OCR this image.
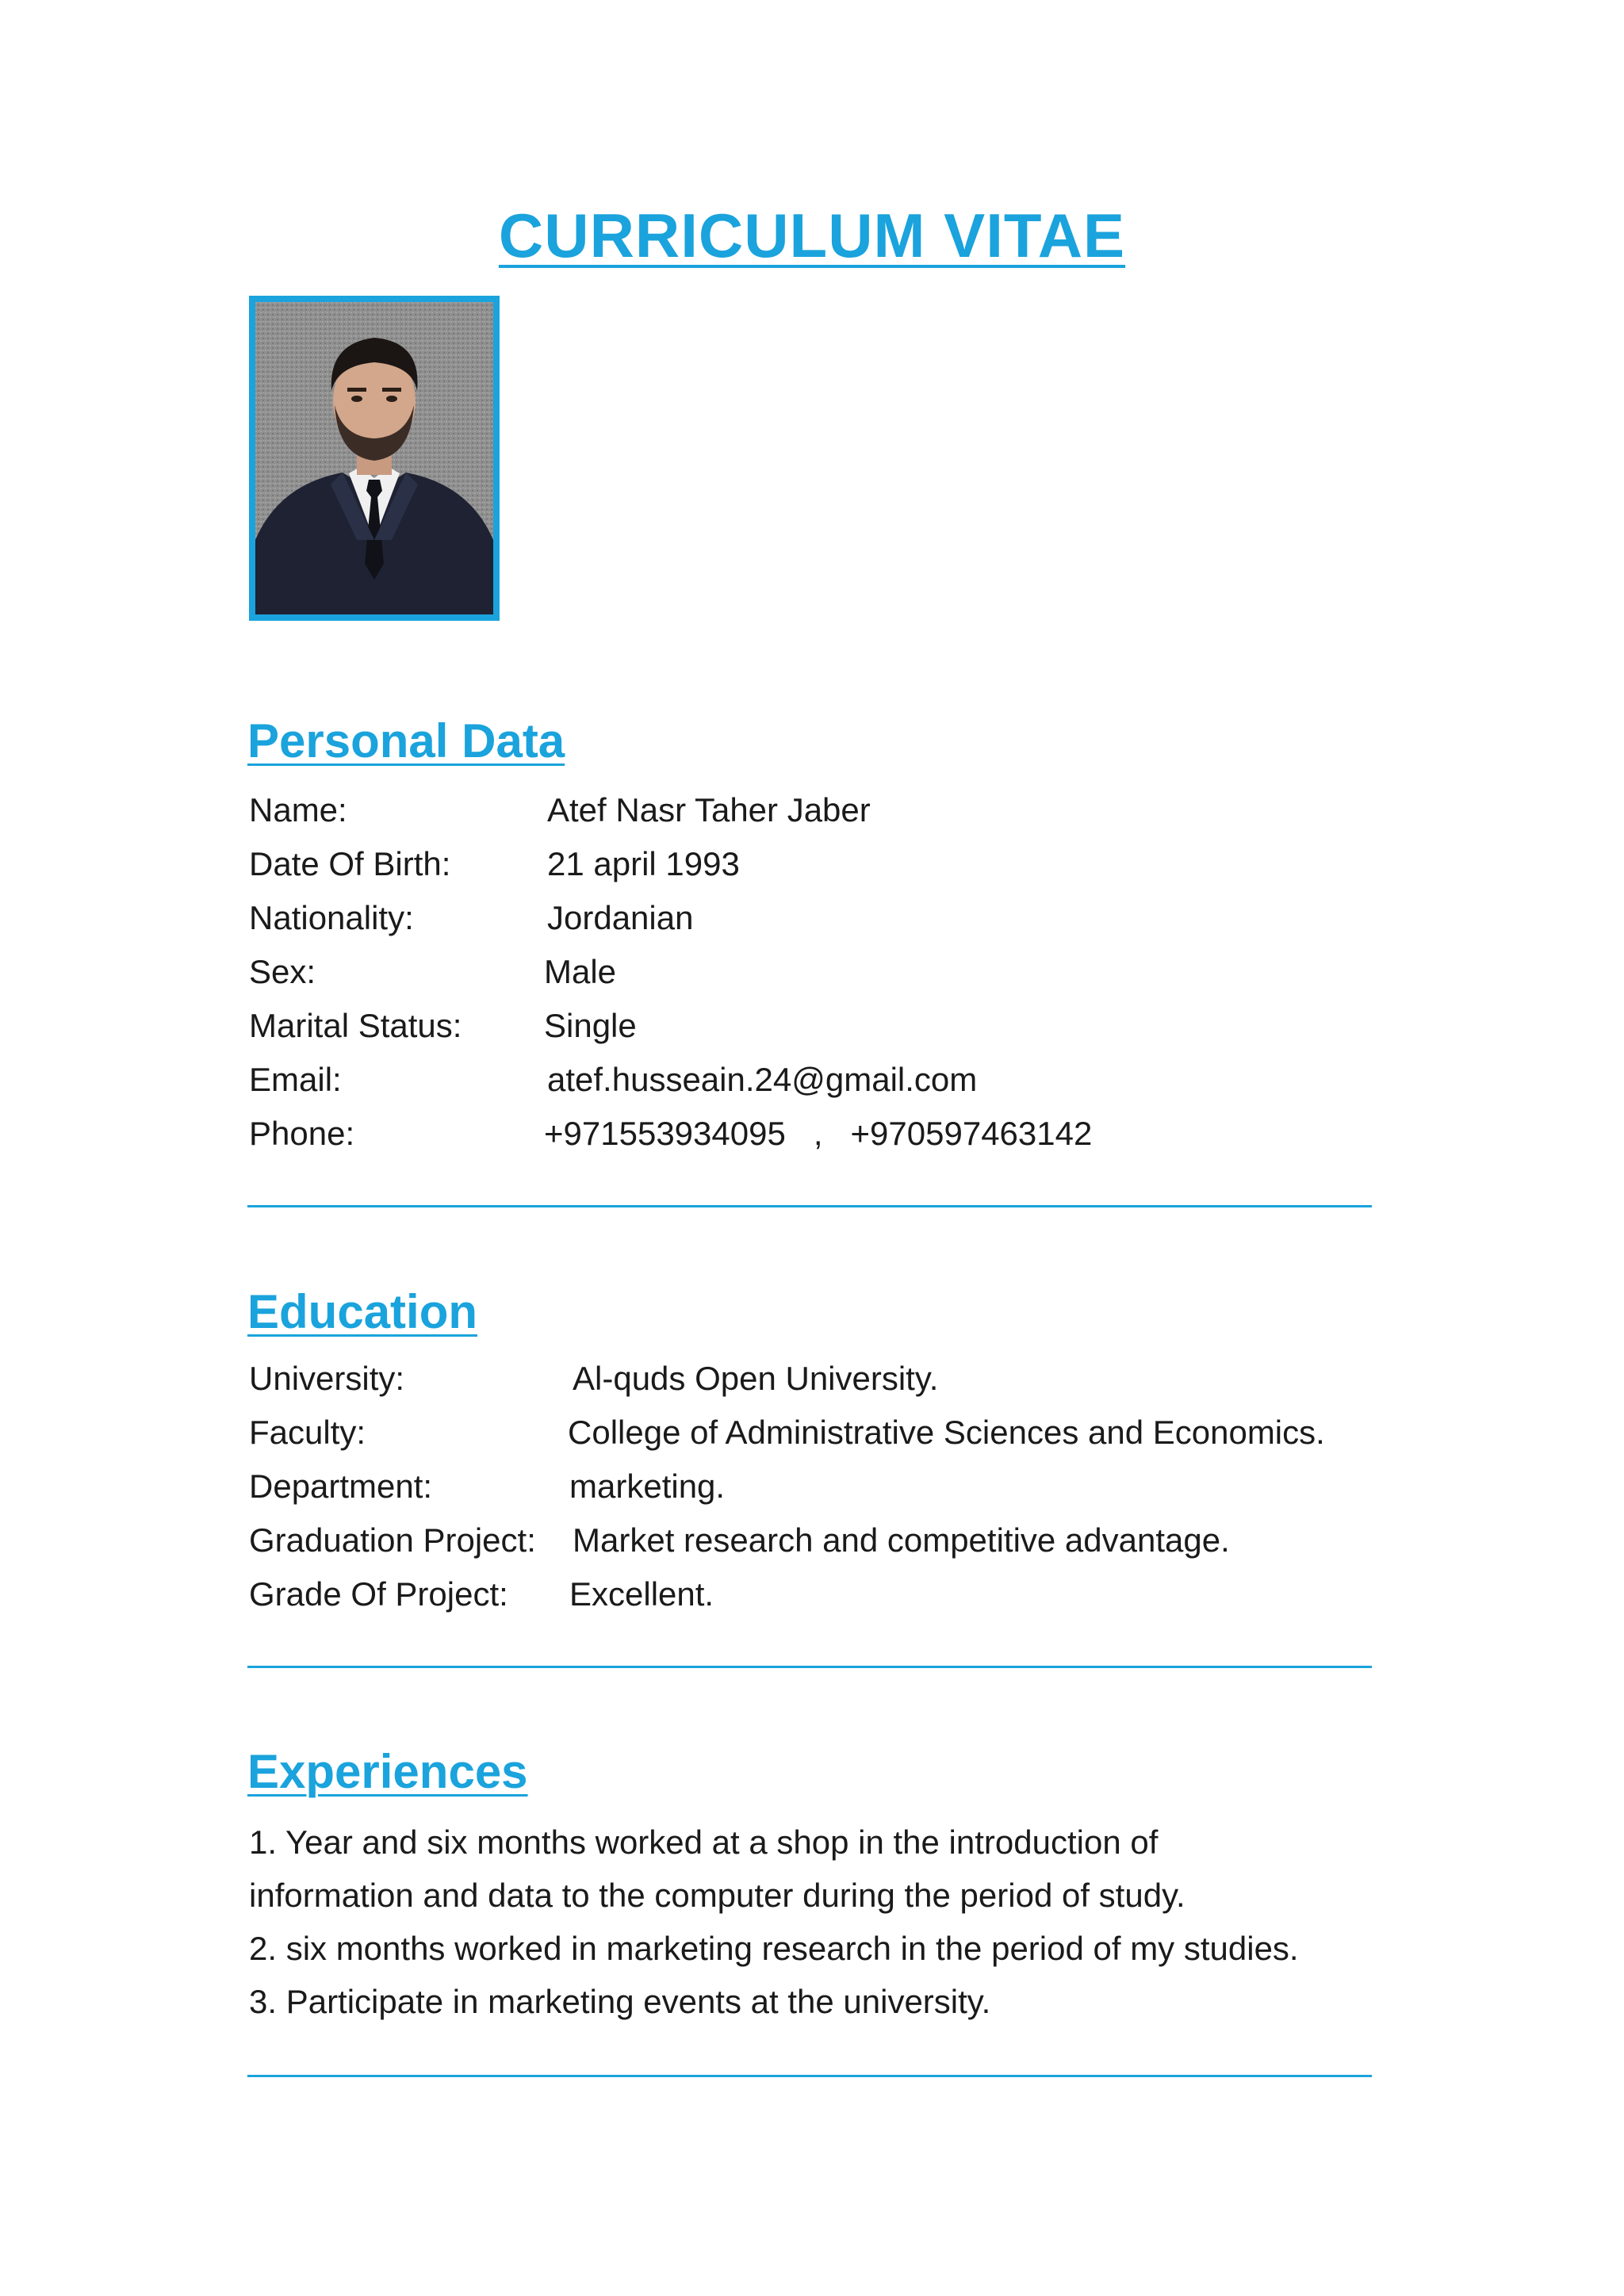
CURRICULUM VITAE
Personal Data
Name:	Atef Nasr Taher Jaber
Date Of Birth:	21 april 1993
Nationality:	Jordanian
Sex:	Male
Marital Status: Single
Email:	atef.husseain.24@gmail.com
Phone:	+971553934095   ,   +970597463142
Education
University:	Al-quds Open University.
Faculty:	College of Administrative Sciences and Economics.
Department:	marketing.
Graduation Project: Market research and competitive advantage.
Grade Of Project: Excellent.
Experiences
1. Year and six months worked at a shop in the introduction of
information and data to the computer during the period of study.
2. six months worked in marketing research in the period of my studies.
3. Participate in marketing events at the university.
